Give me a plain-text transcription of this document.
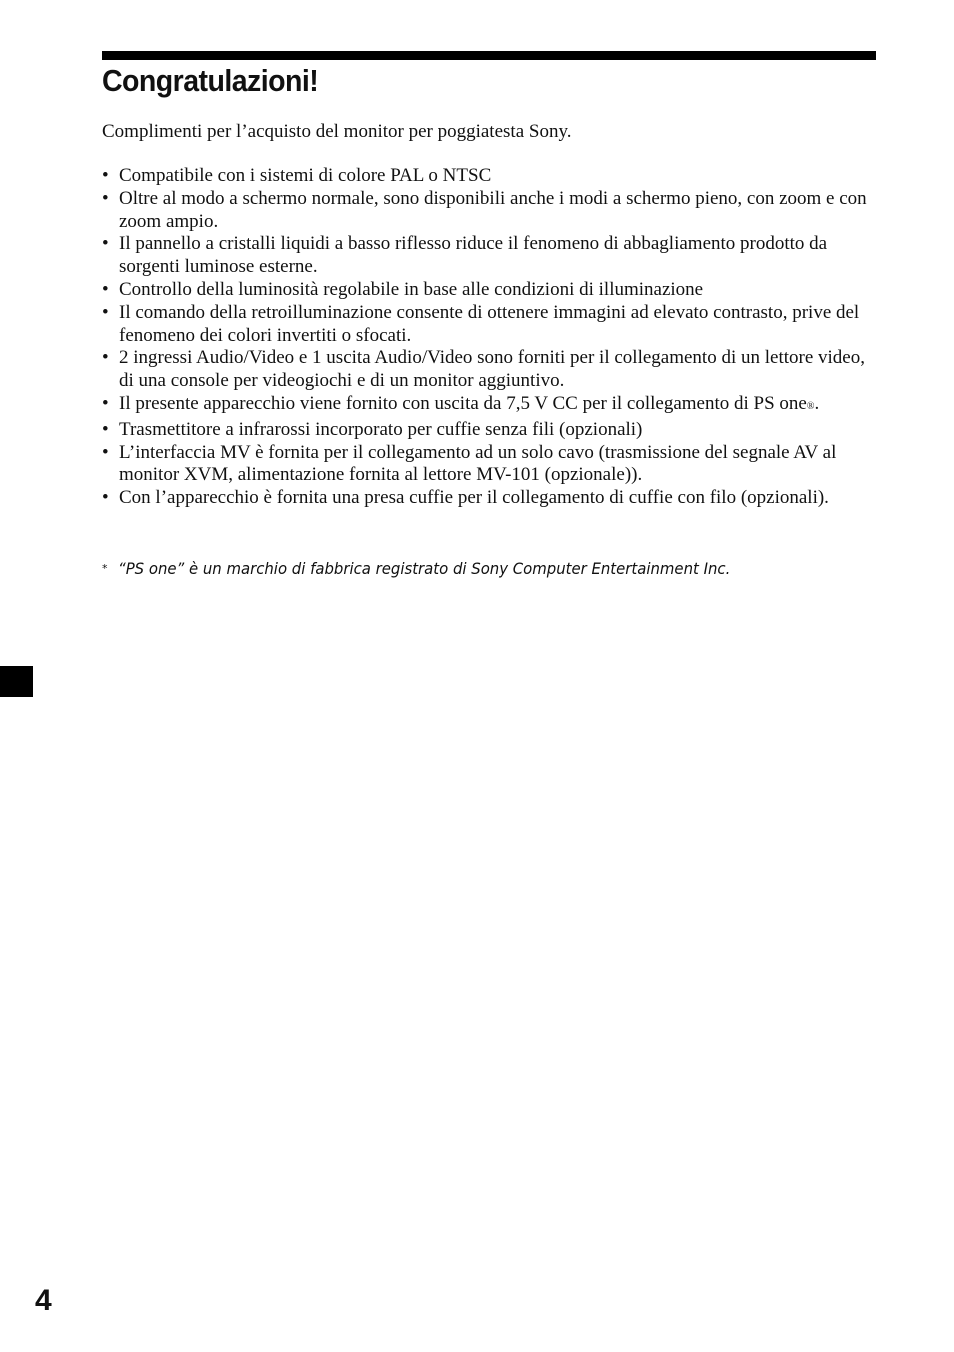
Congratulazioni!

Complimenti per l’acquisto del monitor per poggiatesta Sony.

• Compatibile con i sistemi di colore PAL o NTSC
• Oltre al modo a schermo normale, sono disponibili anche i modi a schermo pieno, con zoom e con zoom ampio.
• Il pannello a cristalli liquidi a basso riflesso riduce il fenomeno di abbagliamento prodotto da sorgenti luminose esterne.
• Controllo della luminosità regolabile in base alle condizioni di illuminazione
• Il comando della retroilluminazione consente di ottenere immagini ad elevato contrasto, prive del fenomeno dei colori invertiti o sfocati.
• 2 ingressi Audio/Video e 1 uscita Audio/Video sono forniti per il collegamento di un lettore video, di una console per videogiochi e di un monitor aggiuntivo.
• Il presente apparecchio viene fornito con uscita da 7,5 V CC per il collegamento di PS one®.
• Trasmettitore a infrarossi incorporato per cuffie senza fili (opzionali)
• L’interfaccia MV è fornita per il collegamento ad un solo cavo (trasmissione del segnale AV al monitor XVM, alimentazione fornita al lettore MV-101 (opzionale)).
• Con l’apparecchio è fornita una presa cuffie per il collegamento di cuffie con filo (opzionali).

* “PS one” è un marchio di fabbrica registrato di Sony Computer Entertainment Inc.

4
